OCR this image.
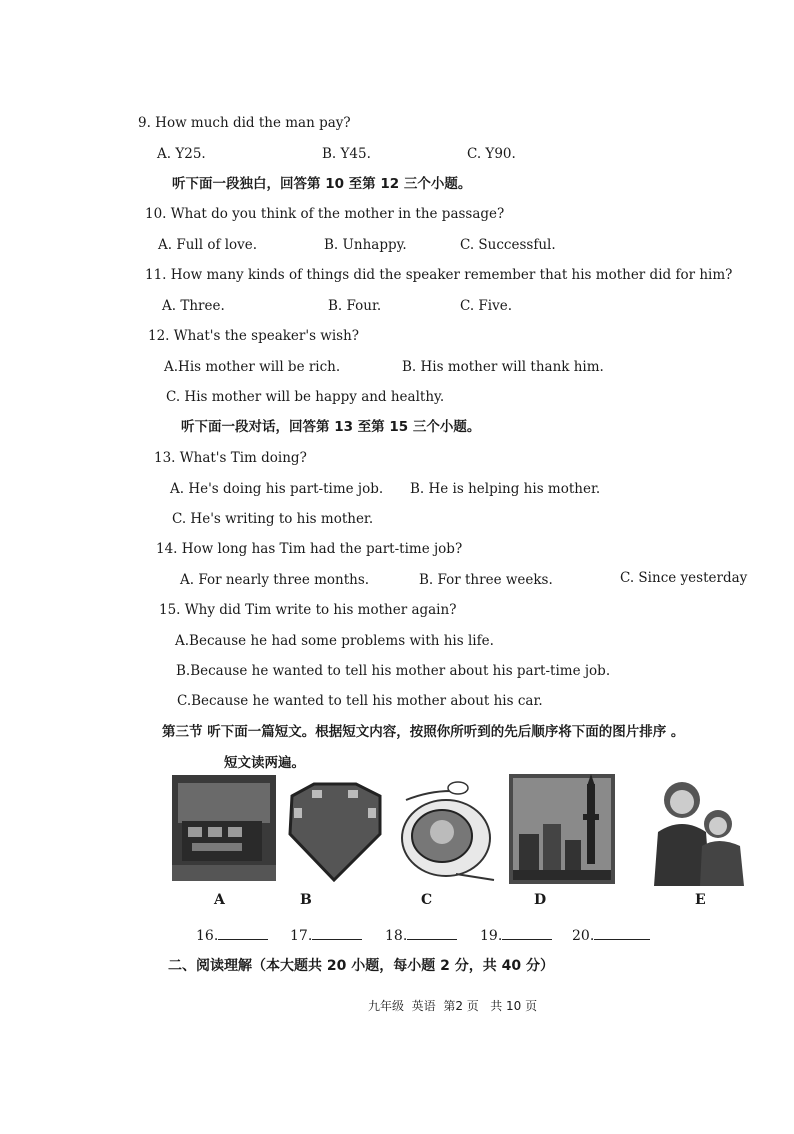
9. How much did the man pay?
A. Y25.	B. Y45.	C. Y90.
听下面一段独白，回答第 10 至第 12 三个小题。
10. What do you think of the mother in the passage?
A. Full of love.	B. Unhappy.	C. Successful.
11. How many kinds of things did the speaker remember that his mother did for him?
A. Three.	B. Four.	C. Five.
12. What's the speaker's wish?
A.His mother will be rich.	B. His mother will thank him.
C. His mother will be happy and healthy.
听下面一段对话，回答第 13 至第 15 三个小题。
13. What's Tim doing?
A. He's doing his part-time job. B. He is helping his mother.
C. He's writing to his mother.
14. How long has Tim had the part-time job?
A. For nearly three months.	B. For three weeks.	C. Since yesterday
15. Why did Tim write to his mother again?
A.Because he had some problems with his life.
B.Because he wanted to tell his mother about his part-time job.
C.Because he wanted to tell his mother about his car.
第三节 听下面一篇短文。根据短文内容，按照你所听到的先后顺序将下面的图片排序 。
短文读两遍。
A	B	C	D	E
16.	17.	18.	19.	20.
二、阅读理解（本大题共 20 小题，每小题 2 分，共 40 分）
九年级 英语 第2 页 共 10 页
